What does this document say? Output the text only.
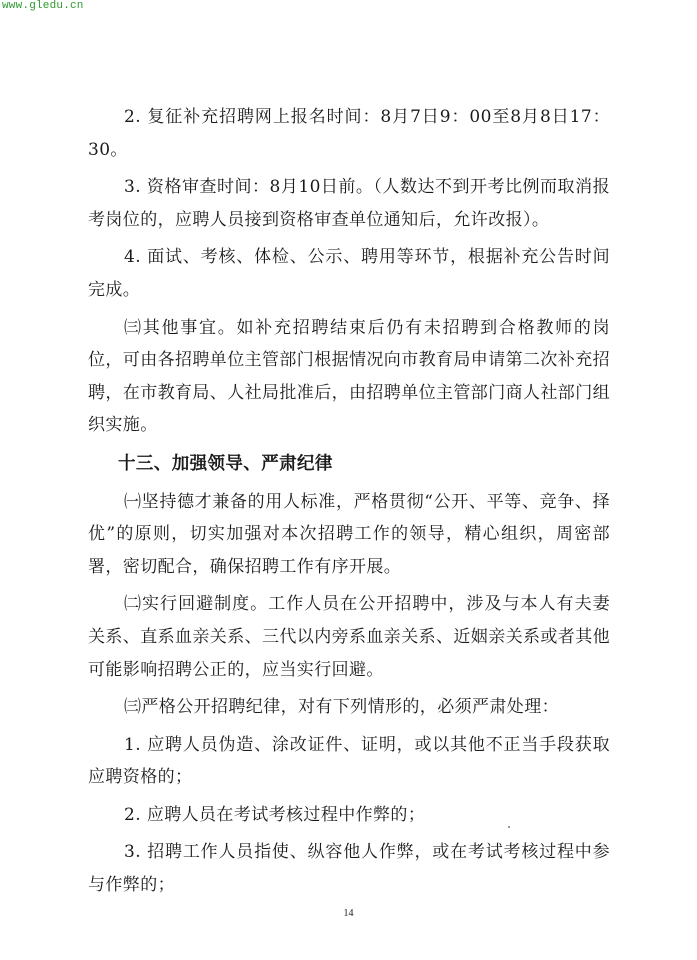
www.gledu.cn

2. 复征补充招聘网上报名时间：8月7日9：00至8月8日17：30。

3. 资格审查时间：8月10日前。（人数达不到开考比例而取消报考岗位的，应聘人员接到资格审查单位通知后，允许改报）。

4. 面试、考核、体检、公示、聘用等环节，根据补充公告时间完成。

㈢其他事宜。如补充招聘结束后仍有未招聘到合格教师的岗位，可由各招聘单位主管部门根据情况向市教育局申请第二次补充招聘，在市教育局、人社局批准后，由招聘单位主管部门商人社部门组织实施。

十三、加强领导、严肃纪律

㈠坚持德才兼备的用人标准，严格贯彻“公开、平等、竞争、择优”的原则，切实加强对本次招聘工作的领导，精心组织，周密部署，密切配合，确保招聘工作有序开展。

㈡实行回避制度。工作人员在公开招聘中，涉及与本人有夫妻关系、直系血亲关系、三代以内旁系血亲关系、近姻亲关系或者其他可能影响招聘公正的，应当实行回避。

㈢严格公开招聘纪律，对有下列情形的，必须严肃处理：

1. 应聘人员伪造、涂改证件、证明，或以其他不正当手段获取应聘资格的；

2. 应聘人员在考试考核过程中作弊的；

3. 招聘工作人员指使、纵容他人作弊，或在考试考核过程中参与作弊的；

14
